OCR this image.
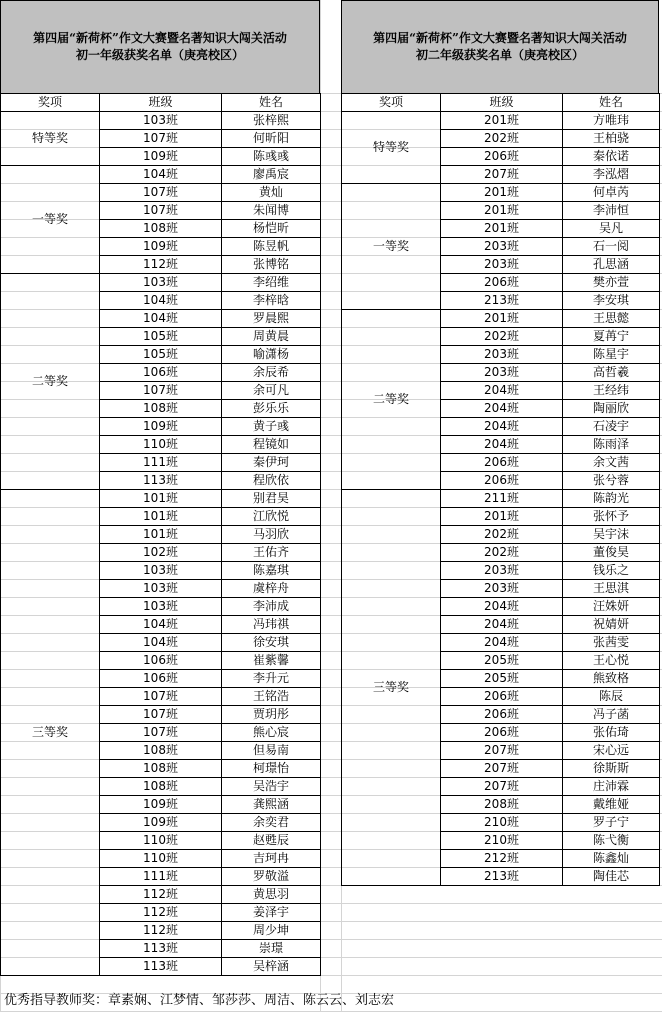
第四届“新荷杯”作文大赛暨名著知识大闯关活动
初一年级获奖名单（庚亮校区）
奖项	班级	姓名
特等奖	103班	张梓熙
	107班	何昕阳
	109班	陈彧彧
一等奖	104班	廖禹宸
	107班	黄灿
	107班	朱闻博
	108班	杨恺昕
	109班	陈昱帆
	112班	张博铭
二等奖	103班	李绍维
	104班	李梓晗
	104班	罗晨熙
	105班	周黄晨
	105班	喻潇杨
	106班	余辰希
	107班	余可凡
	108班	彭乐乐
	109班	黄子彧
	110班	程镜如
	111班	秦伊珂
	113班	程欣依
三等奖	101班	别君昊
	101班	江欣悦
	101班	马羽欣
	102班	王佑齐
	103班	陈嘉琪
	103班	虞梓舟
	103班	李沛成
	104班	冯玮祺
	104班	徐安琪
	106班	崔紫馨
	106班	李升元
	107班	王铭浩
	107班	贾玥彤
	107班	熊心宸
	108班	但易南
	108班	柯璟怡
	108班	吴浩宇
	109班	龚熙涵
	109班	余奕君
	110班	赵甦辰
	110班	吉珂冉
	111班	罗敬溢
	112班	黄思羽
	112班	姜泽宇
	112班	周少坤
	113班	崇璟
	113班	吴梓涵
第四届“新荷杯”作文大赛暨名著知识大闯关活动
初二年级获奖名单（庚亮校区）
奖项	班级	姓名
特等奖	201班	方唯玮
	202班	王柏骁
	206班	秦依诺
	207班	李泓熠
一等奖	201班	何卓芮
	201班	李沛恒
	201班	吴凡
	203班	石一阅
	203班	孔思涵
	206班	樊亦萱
	213班	李安琪
二等奖	201班	王思懿
	202班	夏苒宁
	203班	陈星宇
	203班	高哲羲
	204班	王经纬
	204班	陶丽欣
	204班	石凌宇
	204班	陈雨泽
	206班	余文茜
	206班	张兮蓉
三等奖	211班	陈韵光
	201班	张怀予
	202班	吴宇沫
	202班	董俊昊
	203班	钱乐之
	203班	王思淇
	204班	汪姝妍
	204班	祝婧妍
	204班	张茜雯
	205班	王心悦
	205班	熊致格
	206班	陈辰
	206班	冯子菡
	206班	张佑琦
	207班	宋心远
	207班	徐斯斯
	207班	庄沛霖
	208班	戴维娅
	210班	罗子宁
	210班	陈弋衡
	212班	陈鑫灿
	213班	陶佳芯
优秀指导教师奖：章素娴、江梦情、邹莎莎、周洁、陈云云、刘志宏
